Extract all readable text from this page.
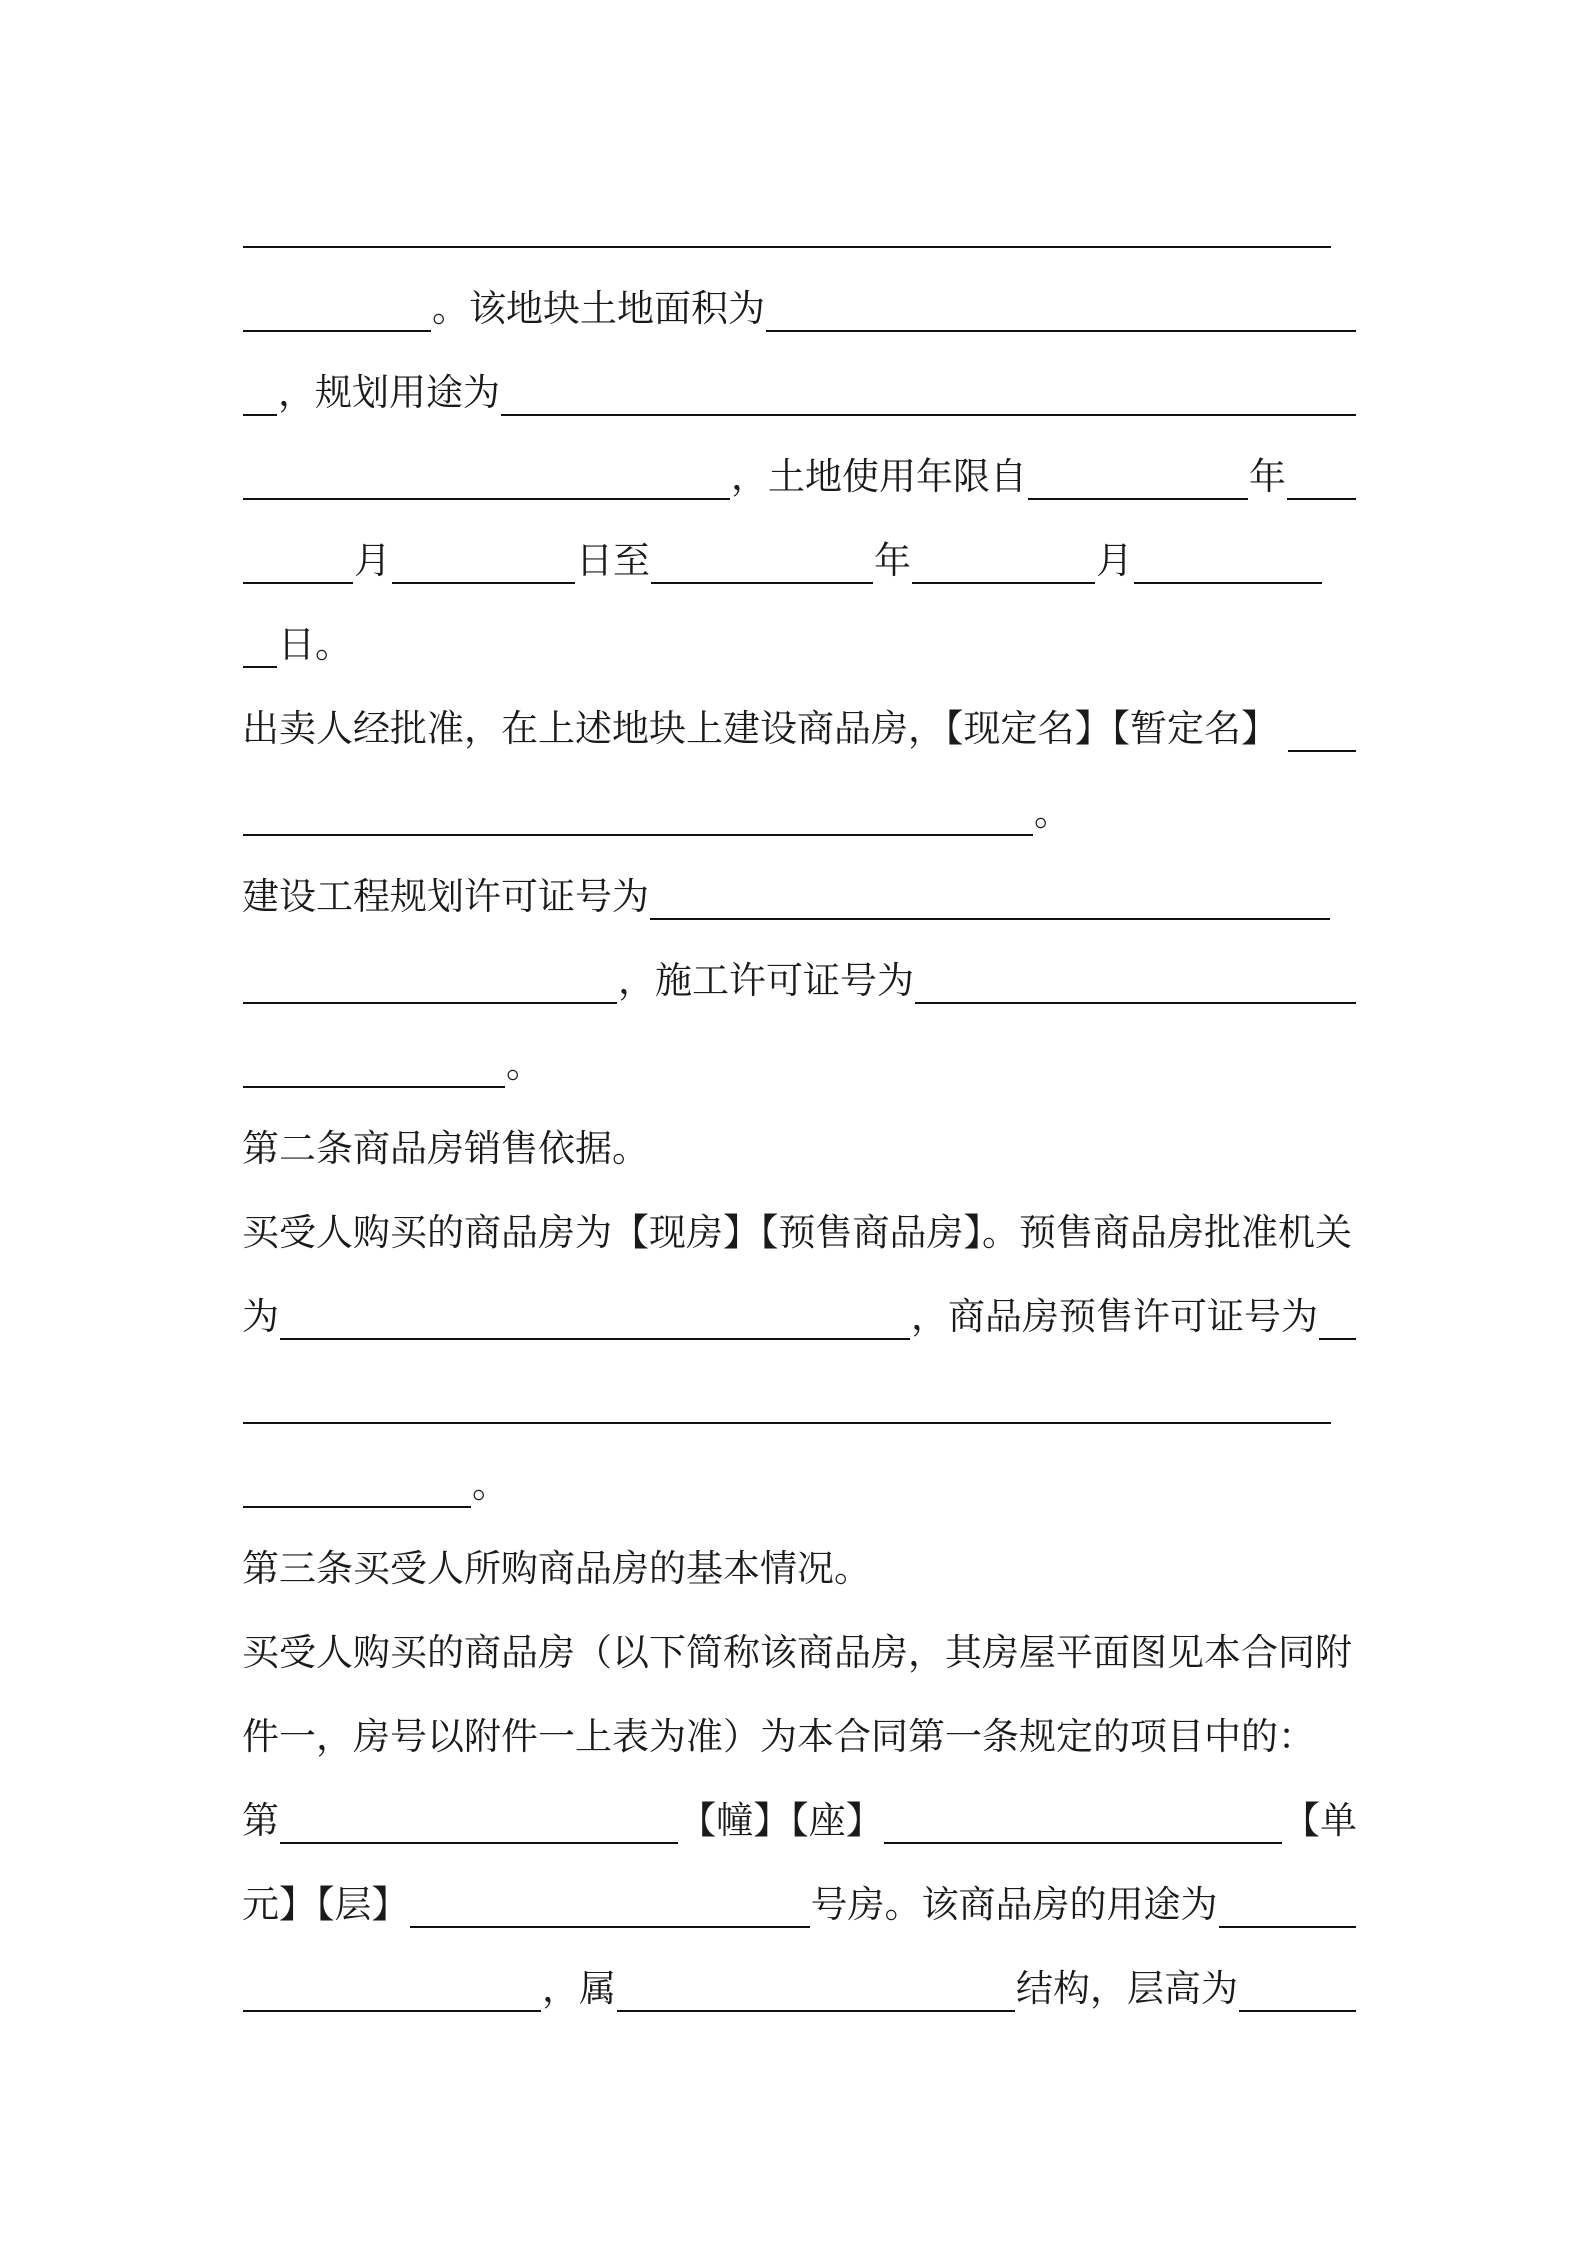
。该地块土地面积为
，规划用途为
，土地使用年限自	年
月	日至	年	月
日。
出卖人经批准，在上述地块上建设商品房，【现定名】【暂定名】
。
建设工程规划许可证号为
，施工许可证号为
。
第二条商品房销售依据。
买受人购买的商品房为【现房】【预售商品房】。预售商品房批准机关
为	，商品房预售许可证号为
。
第三条买受人所购商品房的基本情况。
买受人购买的商品房（以下简称该商品房，其房屋平面图见本合同附
件一，房号以附件一上表为准）为本合同第一条规定的项目中的：
第	【幢】【座】	【单
元】【层】	号房。该商品房的用途为
，属	结构，层高为
